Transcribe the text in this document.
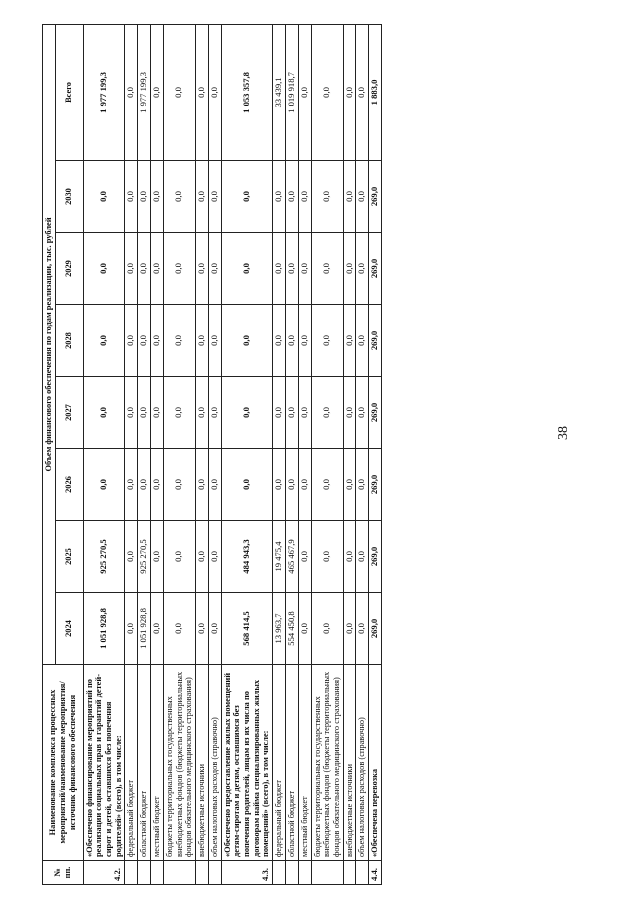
38
№ пп.	Наименование комплекса процессных мероприятий/наименование мероприятия/ источник финансового обеспечения	Объем финансового обеспечения по годам реализации, тыс. рублей							
		2024	2025	2026	2027	2028	2029	2030	Всего
4.2.	«Обеспечено финансирование мероприятий по реализации социальных прав и гарантий детей-сирот и детей, оставшихся без попечения родителей» (всего), в том числе:	1 051 928,8	925 270,5	0,0	0,0	0,0	0,0	0,0	1 977 199,3
	федеральный бюджет	0,0	0,0	0,0	0,0	0,0	0,0	0,0	0,0
	областной бюджет	1 051 928,8	925 270,5	0,0	0,0	0,0	0,0	0,0	1 977 199,3
	местный бюджет	0,0	0,0	0,0	0,0	0,0	0,0	0,0	0,0
	бюджеты территориальных государственных внебюджетных фондов (бюджеты территориальных фондов обязательного медицинского страхования)	0,0	0,0	0,0	0,0	0,0	0,0	0,0	0,0
	внебюджетные источники	0,0	0,0	0,0	0,0	0,0	0,0	0,0	0,0
	объем налоговых расходов (справочно)	0,0	0,0	0,0	0,0	0,0	0,0	0,0	0,0
4.3.	«Обеспечено предоставление жилых помещений детям-сиротам и детям, оставшимся без попечения родителей, лицам из их числа по договорам найма специализированных жилых помещений» (всего), в том числе:	568 414,5	484 943,3	0,0	0,0	0,0	0,0	0,0	1 053 357,8
	федеральный бюджет	13 963,7	19 475,4	0,0	0,0	0,0	0,0	0,0	33 439,1
	областной бюджет	554 450,8	465 467,9	0,0	0,0	0,0	0,0	0,0	1 019 918,7
	местный бюджет	0,0	0,0	0,0	0,0	0,0	0,0	0,0	0,0
	бюджеты территориальных государственных внебюджетных фондов (бюджеты территориальных фондов обязательного медицинского страхования)	0,0	0,0	0,0	0,0	0,0	0,0	0,0	0,0
	внебюджетные источники	0,0	0,0	0,0	0,0	0,0	0,0	0,0	0,0
	объем налоговых расходов (справочно)	0,0	0,0	0,0	0,0	0,0	0,0	0,0	0,0
4.4.	«Обеспечена перевозка	269,0	269,0	269,0	269,0	269,0	269,0	269,0	1 883,0
